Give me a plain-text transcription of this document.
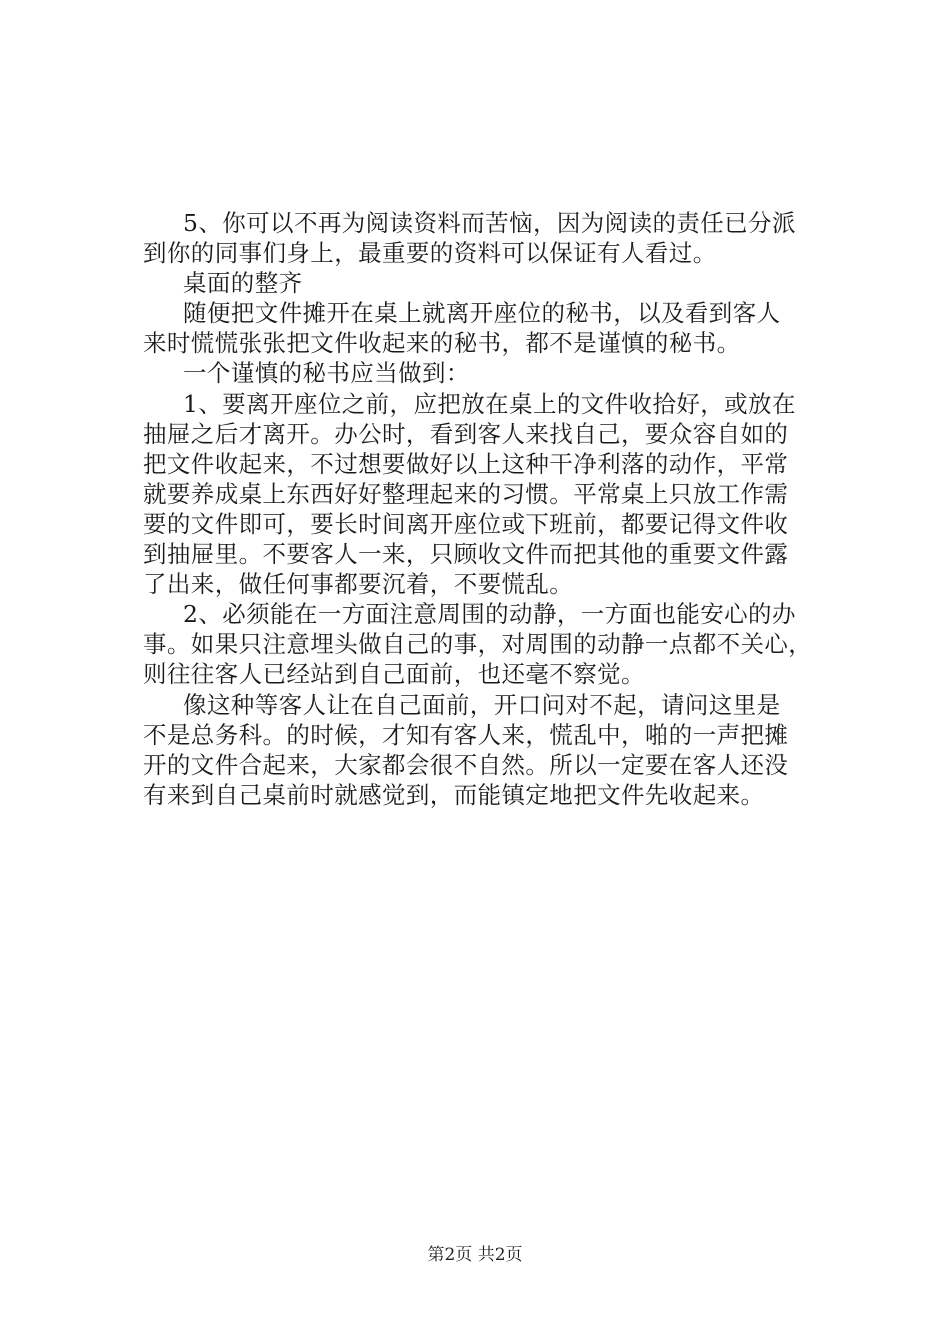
5、你可以不再为阅读资料而苦恼，因为阅读的责任已分派
到你的同事们身上，最重要的资料可以保证有人看过。
桌面的整齐
随便把文件摊开在桌上就离开座位的秘书，以及看到客人
来时慌慌张张把文件收起来的秘书，都不是谨慎的秘书。
一个谨慎的秘书应当做到：
1、要离开座位之前，应把放在桌上的文件收拾好，或放在
抽屉之后才离开。办公时，看到客人来找自己，要众容自如的
把文件收起来，不过想要做好以上这种干净利落的动作，平常
就要养成桌上东西好好整理起来的习惯。平常桌上只放工作需
要的文件即可，要长时间离开座位或下班前，都要记得文件收
到抽屉里。不要客人一来，只顾收文件而把其他的重要文件露
了出来，做任何事都要沉着，不要慌乱。
2、必须能在一方面注意周围的动静，一方面也能安心的办
事。如果只注意埋头做自己的事，对周围的动静一点都不关心，
则往往客人已经站到自己面前，也还毫不察觉。
像这种等客人让在自己面前，开口问对不起，请问这里是
不是总务科。的时候，才知有客人来，慌乱中，啪的一声把摊
开的文件合起来，大家都会很不自然。所以一定要在客人还没
有来到自己桌前时就感觉到，而能镇定地把文件先收起来。
第2页 共2页
